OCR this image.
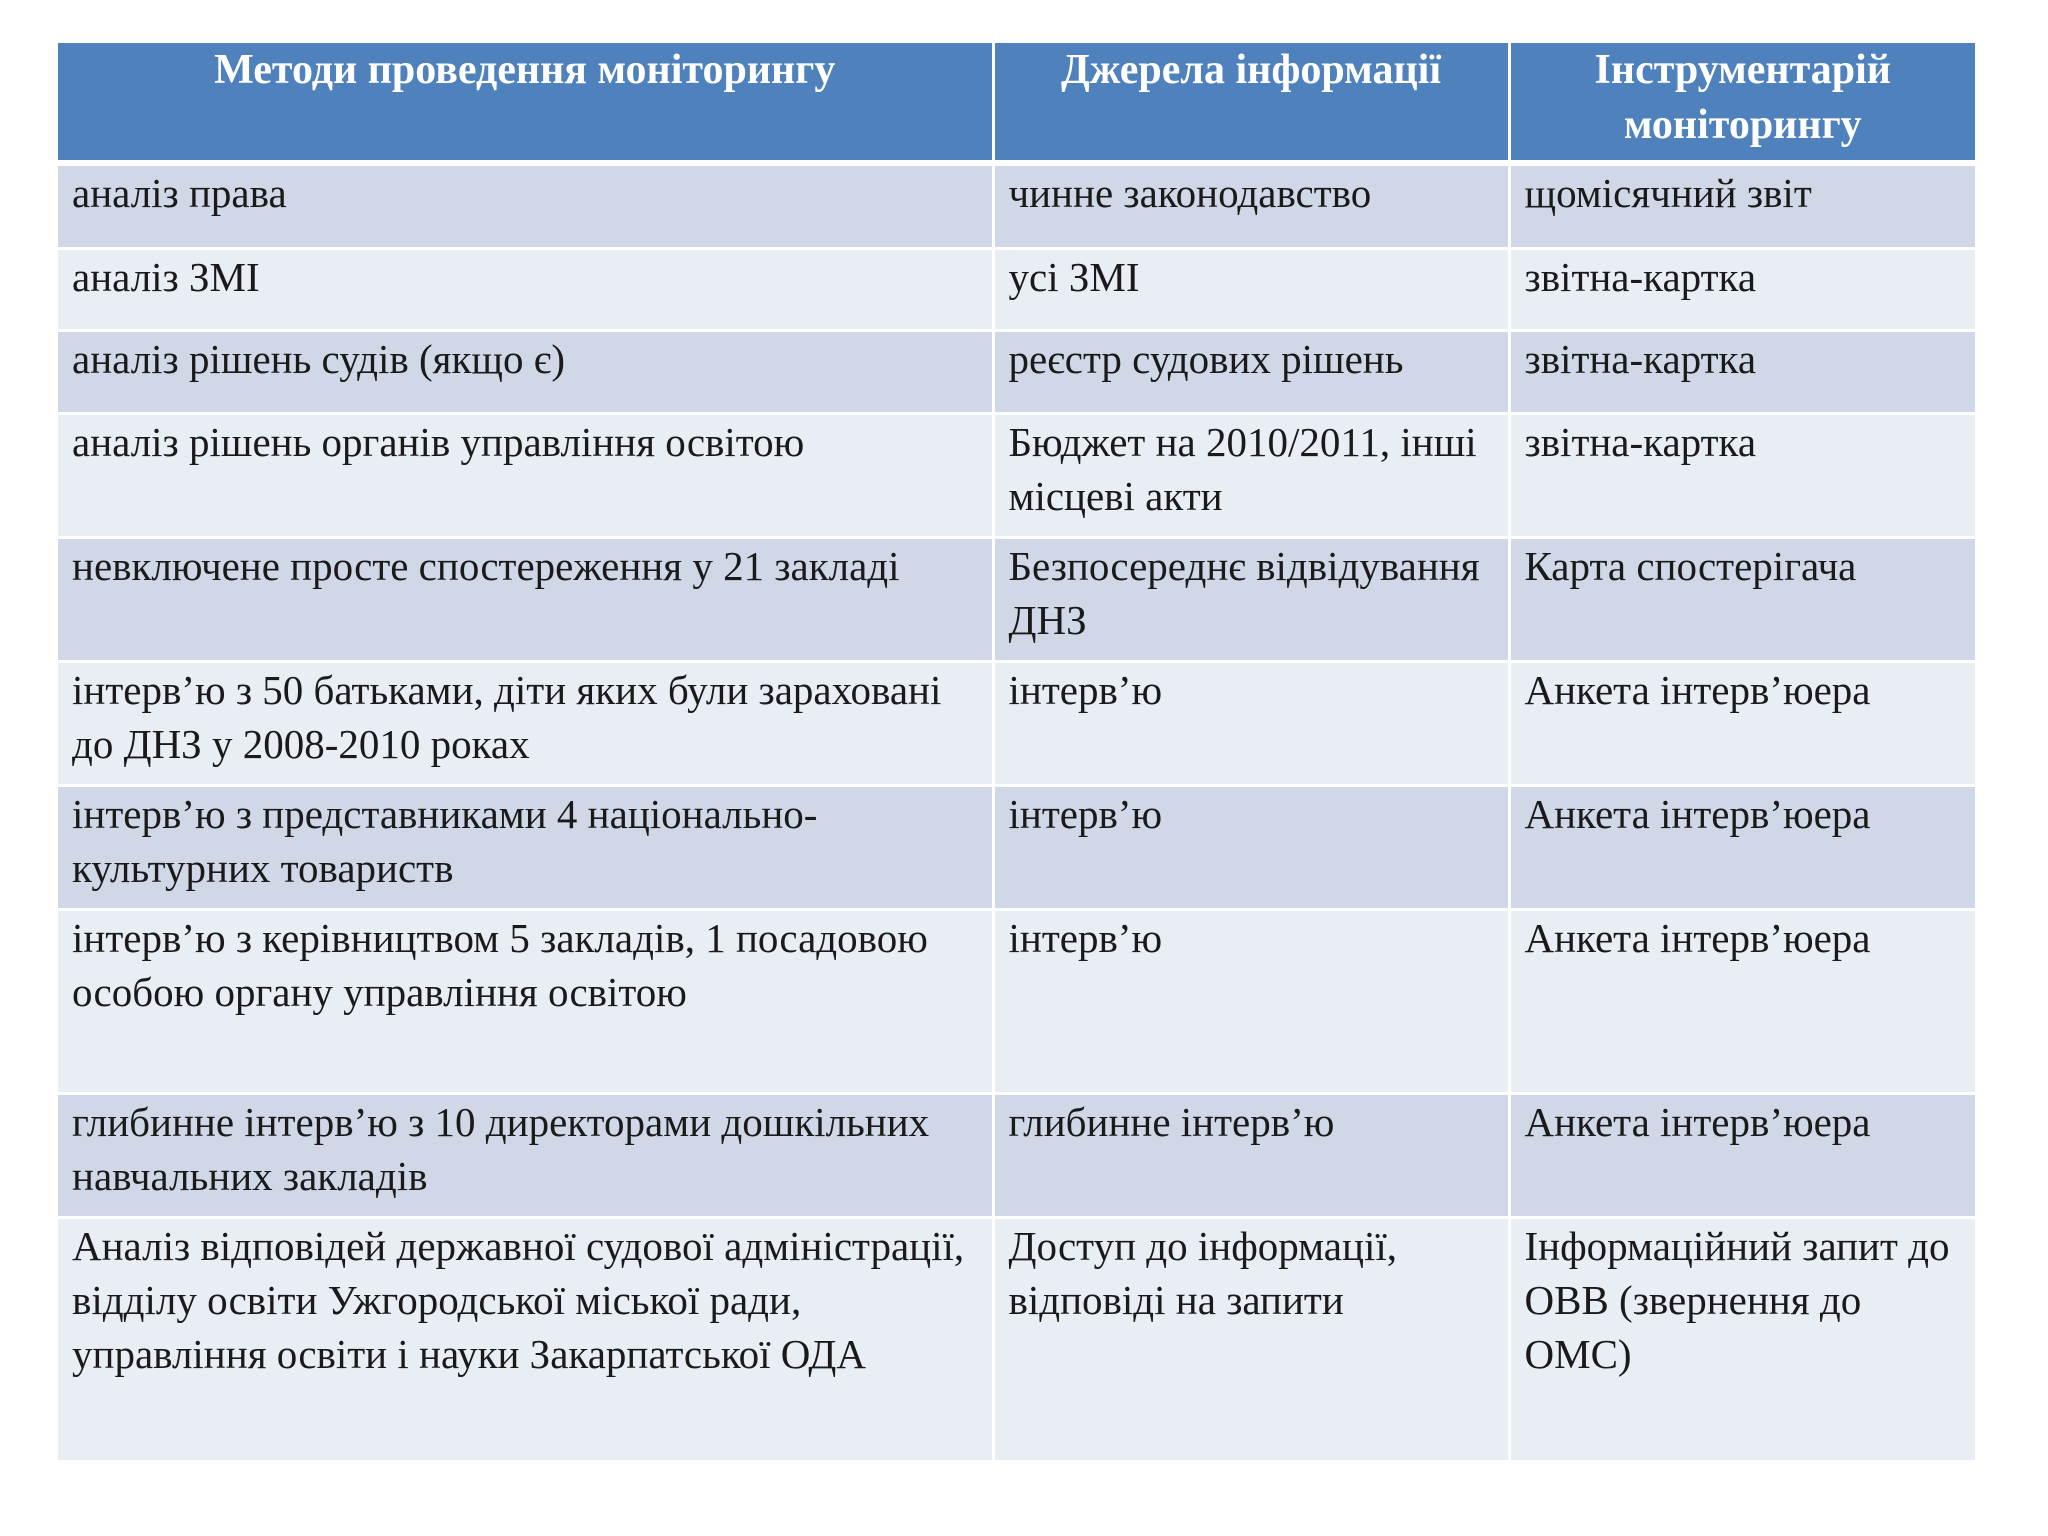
Методи проведення моніторингу	Джерела інформації	Інструментарій моніторингу
аналіз права	чинне законодавство	щомісячний звіт
аналіз ЗМІ	усі ЗМІ	звітна-картка
аналіз рішень судів (якщо є)	реєстр судових рішень	звітна-картка
аналіз рішень органів управління освітою	Бюджет на 2010/2011, інші місцеві акти	звітна-картка
невключене просте спостереження у 21 закладі	Безпосереднє відвідування ДНЗ	Карта спостерігача
інтерв’ю з 50 батьками, діти яких були зараховані до ДНЗ у 2008-2010 роках	інтерв’ю	Анкета інтерв’юера
інтерв’ю з представниками 4 національно-культурних товариств	інтерв’ю	Анкета інтерв’юера
інтерв’ю з керівництвом 5 закладів, 1 посадовою особою органу управління освітою	інтерв’ю	Анкета інтерв’юера
глибинне інтерв’ю з 10 директорами дошкільних навчальних закладів	глибинне інтерв’ю	Анкета інтерв’юера
Аналіз відповідей державної судової адміністрації, відділу освіти Ужгородської міської ради, управління освіти і науки Закарпатської ОДА	Доступ до інформації, відповіді на запити	Інформаційний запит до ОВВ (звернення до ОМС)
